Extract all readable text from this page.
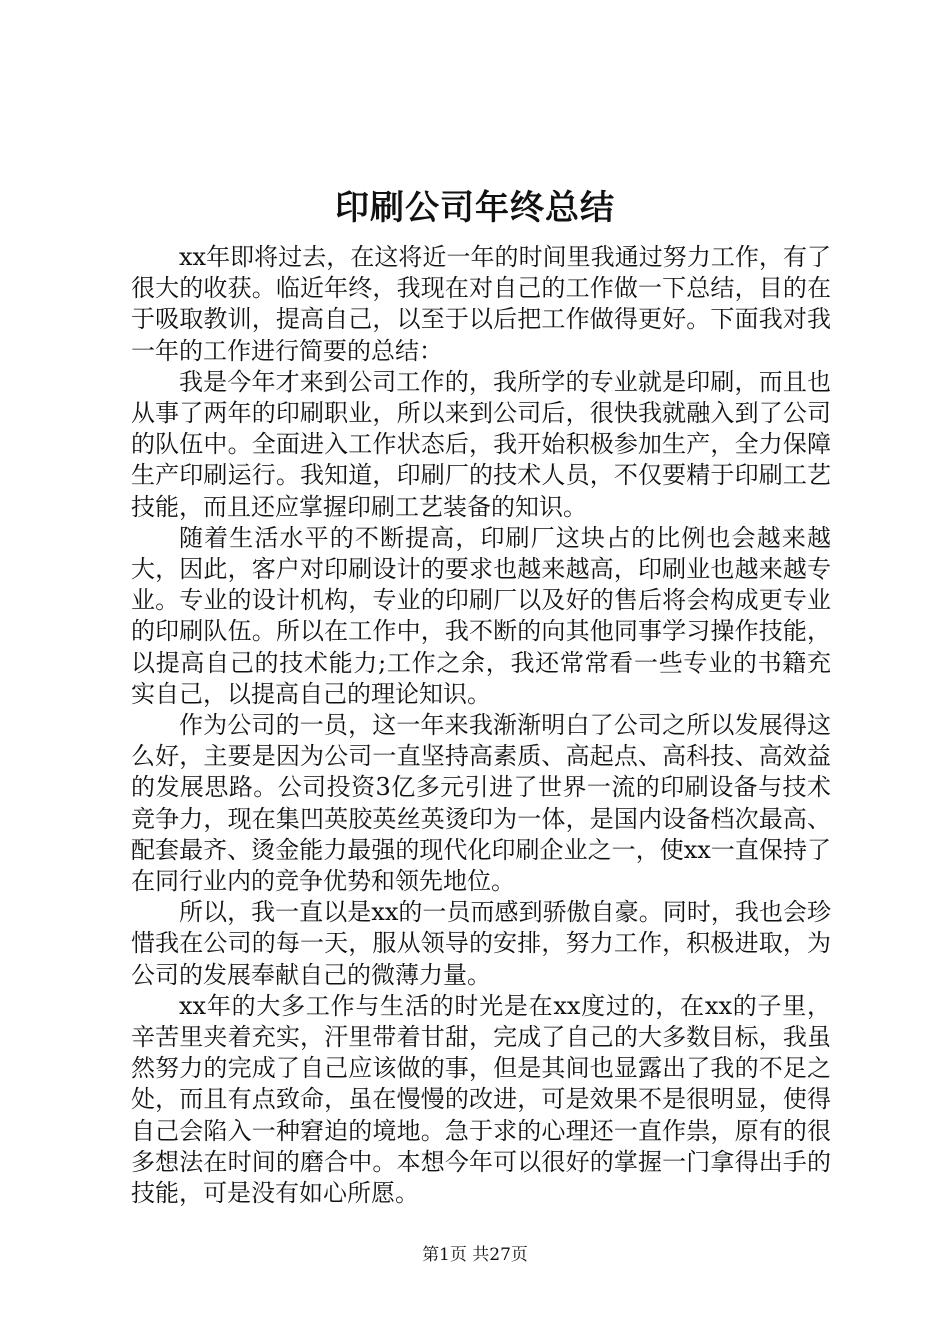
印刷公司年终总结

xx年即将过去，在这将近一年的时间里我通过努力工作，有了很大的收获。临近年终，我现在对自己的工作做一下总结，目的在于吸取教训，提高自己，以至于以后把工作做得更好。下面我对我一年的工作进行简要的总结：

我是今年才来到公司工作的，我所学的专业就是印刷，而且也从事了两年的印刷职业，所以来到公司后，很快我就融入到了公司的队伍中。全面进入工作状态后，我开始积极参加生产，全力保障生产印刷运行。我知道，印刷厂的技术人员，不仅要精于印刷工艺技能，而且还应掌握印刷工艺装备的知识。

随着生活水平的不断提高，印刷厂这块占的比例也会越来越大，因此，客户对印刷设计的要求也越来越高，印刷业也越来越专业。专业的设计机构，专业的印刷厂以及好的售后将会构成更专业的印刷队伍。所以在工作中，我不断的向其他同事学习操作技能，以提高自己的技术能力;工作之余，我还常常看一些专业的书籍充实自己，以提高自己的理论知识。

作为公司的一员，这一年来我渐渐明白了公司之所以发展得这么好，主要是因为公司一直坚持高素质、高起点、高科技、高效益的发展思路。公司投资3亿多元引进了世界一流的印刷设备与技术竞争力，现在集凹英胶英丝英烫印为一体，是国内设备档次最高、配套最齐、烫金能力最强的现代化印刷企业之一，使xx一直保持了在同行业内的竞争优势和领先地位。

所以，我一直以是xx的一员而感到骄傲自豪。同时，我也会珍惜我在公司的每一天，服从领导的安排，努力工作，积极进取，为公司的发展奉献自己的微薄力量。

xx年的大多工作与生活的时光是在xx度过的，在xx的子里，辛苦里夹着充实，汗里带着甘甜，完成了自己的大多数目标，我虽然努力的完成了自己应该做的事，但是其间也显露出了我的不足之处，而且有点致命，虽在慢慢的改进，可是效果不是很明显，使得自己会陷入一种窘迫的境地。急于求的心理还一直作祟，原有的很多想法在时间的磨合中。本想今年可以很好的掌握一门拿得出手的技能，可是没有如心所愿。

第1页 共27页
